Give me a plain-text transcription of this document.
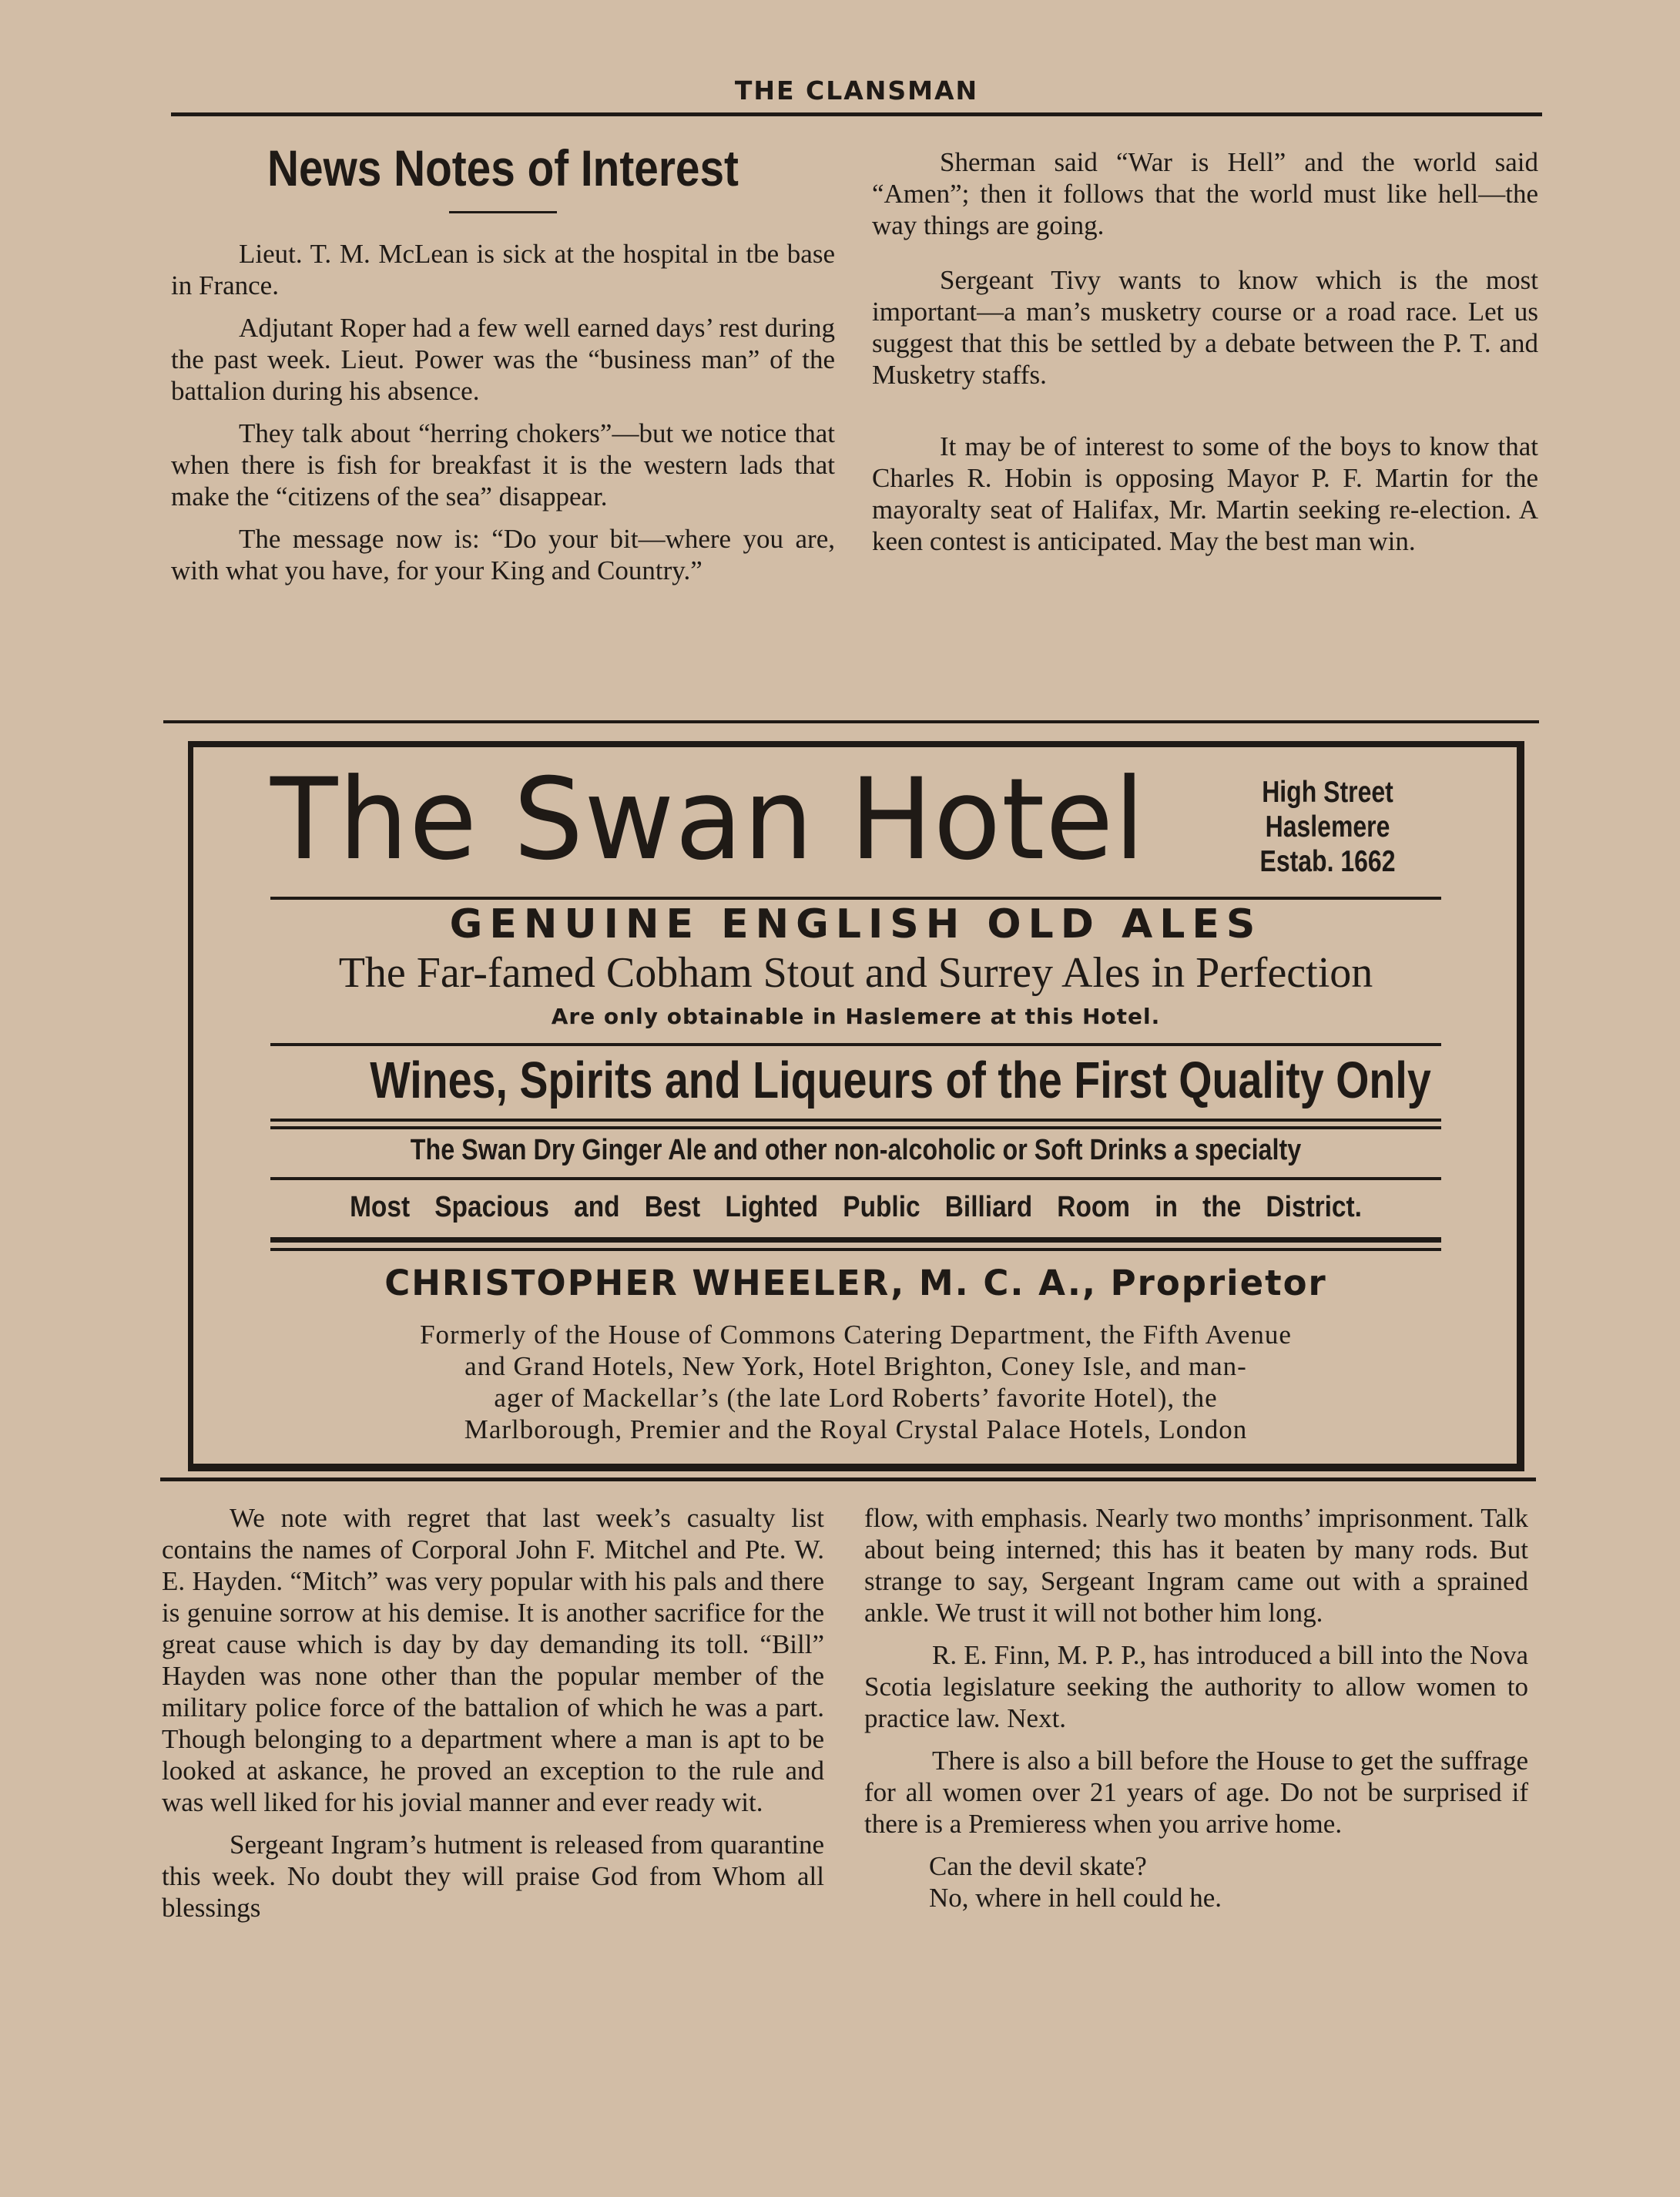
THE CLANSMAN

News Notes of Interest

Lieut. T. M. McLean is sick at the hospital in tbe base in France.

Adjutant Roper had a few well earned days’ rest during the past week. Lieut. Power was the “business man” of the battalion during his absence.

They talk about “herring chokers”—but we notice that when there is fish for breakfast it is the western lads that make the “citizens of the sea” disappear.

The message now is: “Do your bit—where you are, with what you have, for your King and Country.”

Sherman said “War is Hell” and the world said “Amen”; then it follows that the world must like hell—the way things are going.

Sergeant Tivy wants to know which is the most important—a man’s musketry course or a road race. Let us suggest that this be settled by a debate between the P. T. and Musketry staffs.

It may be of interest to some of the boys to know that Charles R. Hobin is opposing Mayor P. F. Martin for the mayoralty seat of Halifax, Mr. Martin seeking re-election. A keen contest is anticipated. May the best man win.

The Swan Hotel	High Street
Haslemere
Estab. 1662
GENUINE ENGLISH OLD ALES
The Far-famed Cobham Stout and Surrey Ales in Perfection
Are only obtainable in Haslemere at this Hotel.
Wines, Spirits and Liqueurs of the First Quality Only
The Swan Dry Ginger Ale and other non-alcoholic or Soft Drinks a specialty
Most Spacious and Best Lighted Public Billiard Room in the District.
CHRISTOPHER WHEELER, M. C. A., Proprietor
Formerly of the House of Commons Catering Department, the Fifth Avenue
and Grand Hotels, New York, Hotel Brighton, Coney Isle, and man-
ager of Mackellar’s (the late Lord Roberts’ favorite Hotel), the
Marlborough, Premier and the Royal Crystal Palace Hotels, London

We note with regret that last week’s casualty list contains the names of Corporal John F. Mitchel and Pte. W. E. Hayden. “Mitch” was very popular with his pals and there is genuine sorrow at his demise. It is another sacrifice for the great cause which is day by day demanding its toll. “Bill” Hayden was none other than the popular member of the military police force of the battalion of which he was a part. Though belonging to a department where a man is apt to be looked at askance, he proved an exception to the rule and was well liked for his jovial manner and ever ready wit.

Sergeant Ingram’s hutment is released from quarantine this week. No doubt they will praise God from Whom all blessings

flow, with emphasis. Nearly two months’ imprisonment. Talk about being interned; this has it beaten by many rods. But strange to say, Sergeant Ingram came out with a sprained ankle. We trust it will not bother him long.

R. E. Finn, M. P. P., has introduced a bill into the Nova Scotia legislature seeking the authority to allow women to practice law. Next.

There is also a bill before the House to get the suffrage for all women over 21 years of age. Do not be surprised if there is a Premieress when you arrive home.

Can the devil skate?

No, where in hell could he.
